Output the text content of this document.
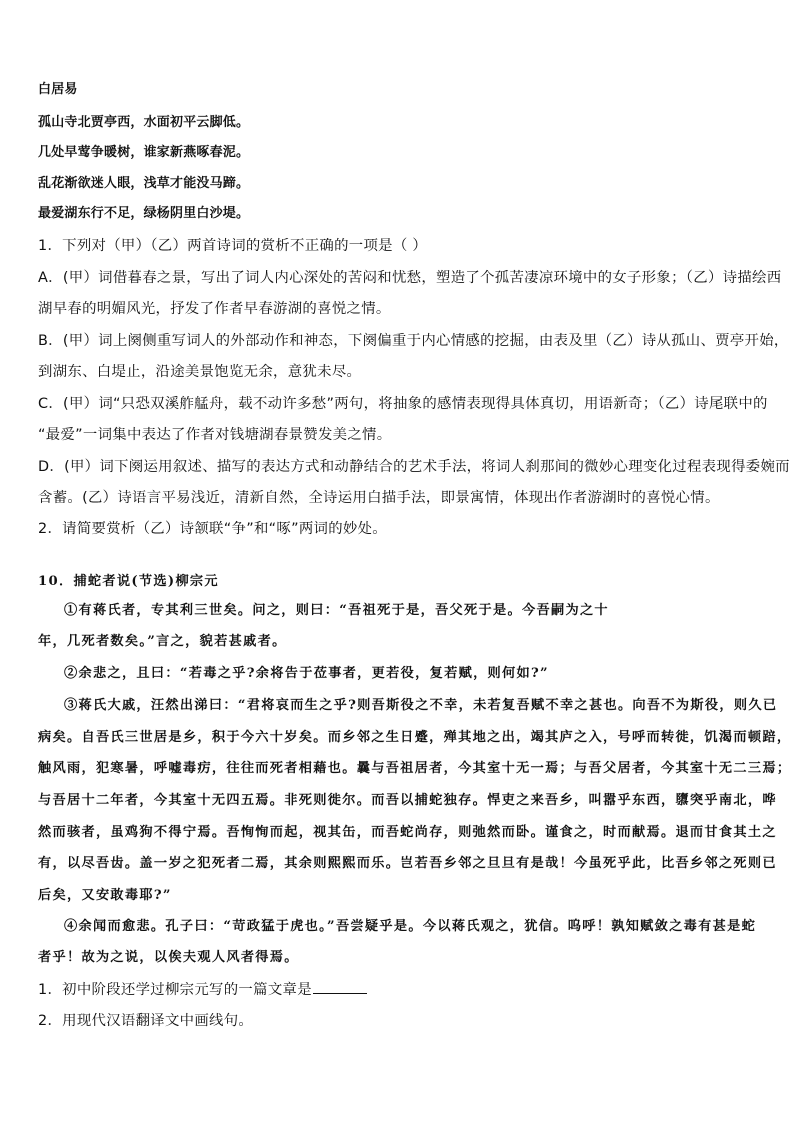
白居易
孤山寺北贾亭西，水面初平云脚低。
几处早莺争暖树，谁家新燕啄春泥。
乱花渐欲迷人眼，浅草才能没马蹄。
最爱湖东行不足，绿杨阴里白沙堤。
1．下列对（甲）（乙）两首诗词的赏析不正确的一项是（ ）
A．(甲）词借暮春之景，写出了词人内心深处的苦闷和忧愁，塑造了个孤苦凄凉环境中的女子形象；（乙）诗描绘西
湖早春的明媚风光，抒发了作者早春游湖的喜悦之情。
B．(甲）词上阕侧重写词人的外部动作和神态，下阕偏重于内心情感的挖掘，由表及里（乙）诗从孤山、贾亭开始，
到湖东、白堤止，沿途美景饱览无余，意犹未尽。
C．(甲）词“只恐双溪舴艋舟，载不动许多愁”两句，将抽象的感情表现得具体真切，用语新奇；（乙）诗尾联中的
“最爱”一词集中表达了作者对钱塘湖春景赞发美之情。
D．(甲）词下阕运用叙述、描写的表达方式和动静结合的艺术手法，将词人刹那间的微妙心理变化过程表现得委婉而
含蓄。(乙）诗语言平易浅近，清新自然，全诗运用白描手法，即景寓情，体现出作者游湖时的喜悦心情。
2．请简要赏析（乙）诗颔联“争”和“啄”两词的妙处。
10．捕蛇者说(节选)柳宗元
①有蒋氏者，专其利三世矣。问之，则曰：“吾祖死于是，吾父死于是。今吾嗣为之十
年，几死者数矣。”言之，貌若甚戚者。
②余悲之，且曰：“若毒之乎?余将告于莅事者，更若役，复若赋，则何如?”
③蒋氏大戚，汪然出涕曰：“君将哀而生之乎?则吾斯役之不幸，未若复吾赋不幸之甚也。向吾不为斯役，则久已
病矣。自吾氏三世居是乡，积于今六十岁矣。而乡邻之生日蹙，殚其地之出，竭其庐之入，号呼而转徙，饥渴而顿踣，
触风雨，犯寒暑，呼嘘毒疠，往往而死者相藉也。曩与吾祖居者，今其室十无一焉；与吾父居者，今其室十无二三焉；
与吾居十二年者，今其室十无四五焉。非死则徙尔。而吾以捕蛇独存。悍吏之来吾乡，叫嚣乎东西，隳突乎南北，哗
然而骇者，虽鸡狗不得宁焉。吾恂恂而起，视其缶，而吾蛇尚存，则弛然而卧。谨食之，时而献焉。退而甘食其土之
有，以尽吾齿。盖一岁之犯死者二焉，其余则熙熙而乐。岂若吾乡邻之旦旦有是哉！今虽死乎此，比吾乡邻之死则已
后矣，又安敢毒耶?”
④余闻而愈悲。孔子曰：“苛政猛于虎也。”吾尝疑乎是。今以蒋氏观之，犹信。呜呼！孰知赋敛之毒有甚是蛇
者乎！故为之说，以俟夫观人风者得焉。
1．初中阶段还学过柳宗元写的一篇文章是
2．用现代汉语翻译文中画线句。
